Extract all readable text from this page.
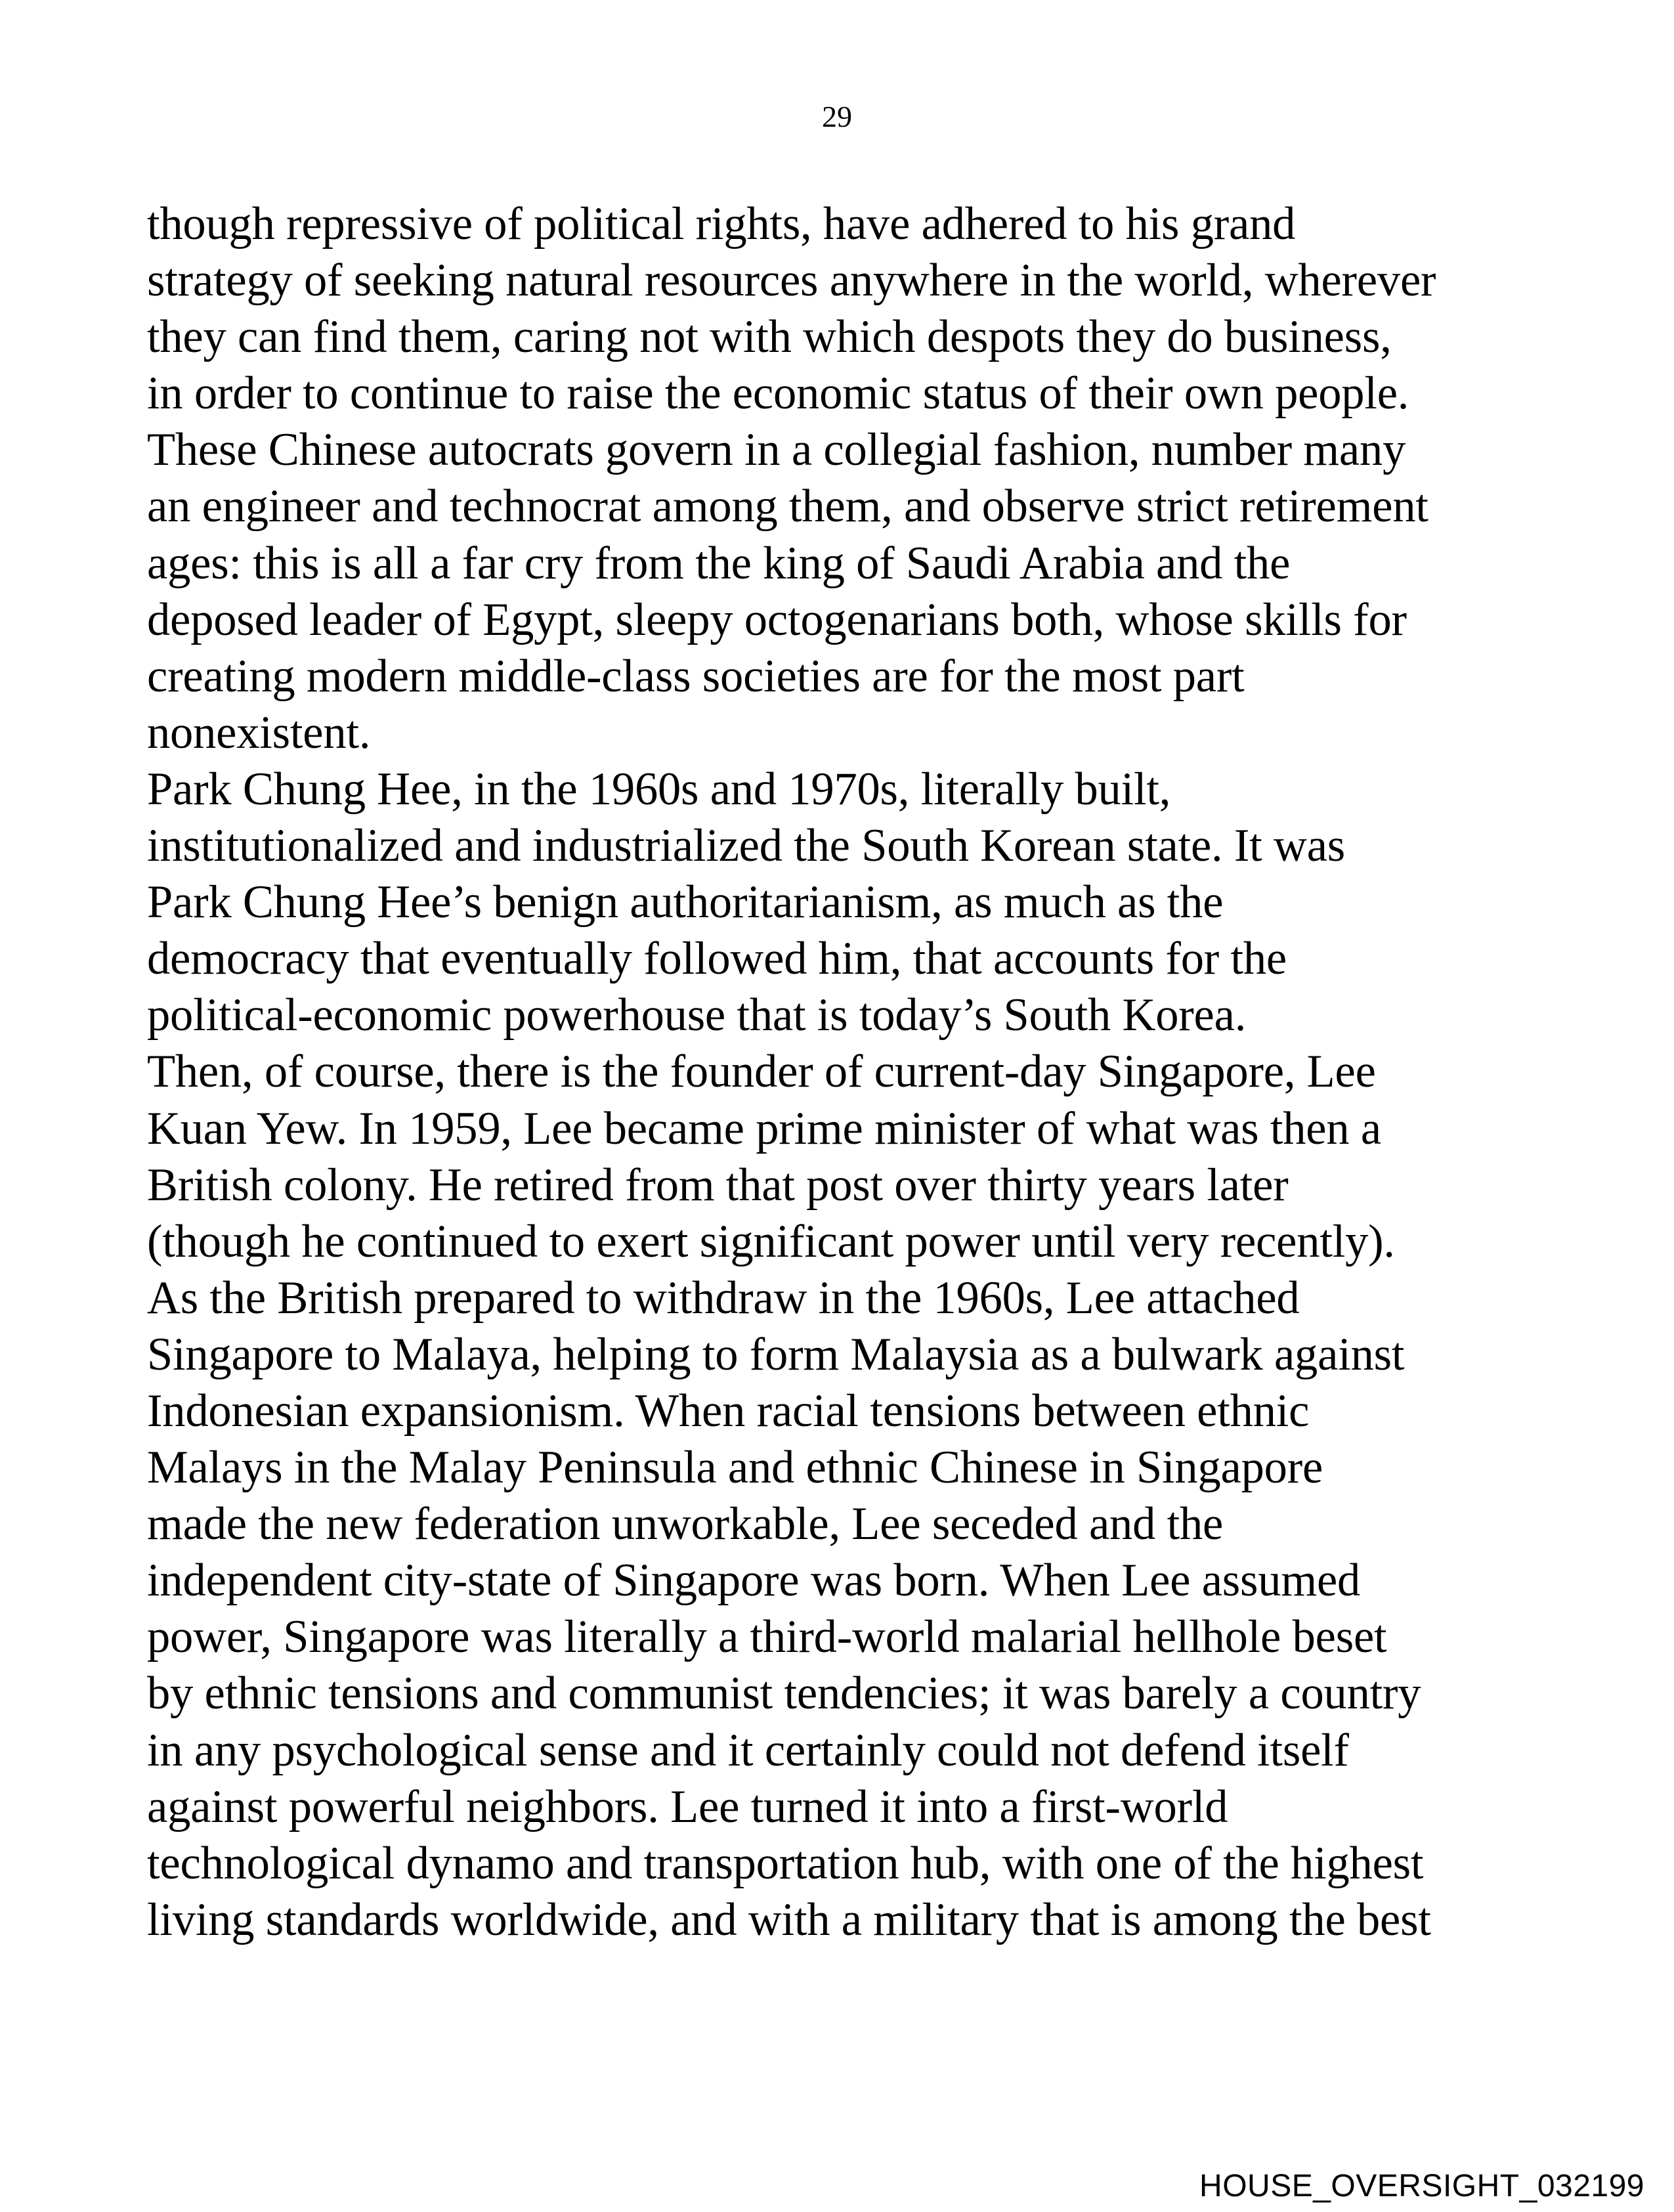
29
though repressive of political rights, have adhered to his grand
strategy of seeking natural resources anywhere in the world, wherever
they can find them, caring not with which despots they do business,
in order to continue to raise the economic status of their own people.
These Chinese autocrats govern in a collegial fashion, number many
an engineer and technocrat among them, and observe strict retirement
ages: this is all a far cry from the king of Saudi Arabia and the
deposed leader of Egypt, sleepy octogenarians both, whose skills for
creating modern middle-class societies are for the most part
nonexistent.
Park Chung Hee, in the 1960s and 1970s, literally built,
institutionalized and industrialized the South Korean state. It was
Park Chung Hee’s benign authoritarianism, as much as the
democracy that eventually followed him, that accounts for the
political-economic powerhouse that is today’s South Korea.
Then, of course, there is the founder of current-day Singapore, Lee
Kuan Yew. In 1959, Lee became prime minister of what was then a
British colony. He retired from that post over thirty years later
(though he continued to exert significant power until very recently).
As the British prepared to withdraw in the 1960s, Lee attached
Singapore to Malaya, helping to form Malaysia as a bulwark against
Indonesian expansionism. When racial tensions between ethnic
Malays in the Malay Peninsula and ethnic Chinese in Singapore
made the new federation unworkable, Lee seceded and the
independent city-state of Singapore was born. When Lee assumed
power, Singapore was literally a third-world malarial hellhole beset
by ethnic tensions and communist tendencies; it was barely a country
in any psychological sense and it certainly could not defend itself
against powerful neighbors. Lee turned it into a first-world
technological dynamo and transportation hub, with one of the highest
living standards worldwide, and with a military that is among the best
HOUSE_OVERSIGHT_032199
